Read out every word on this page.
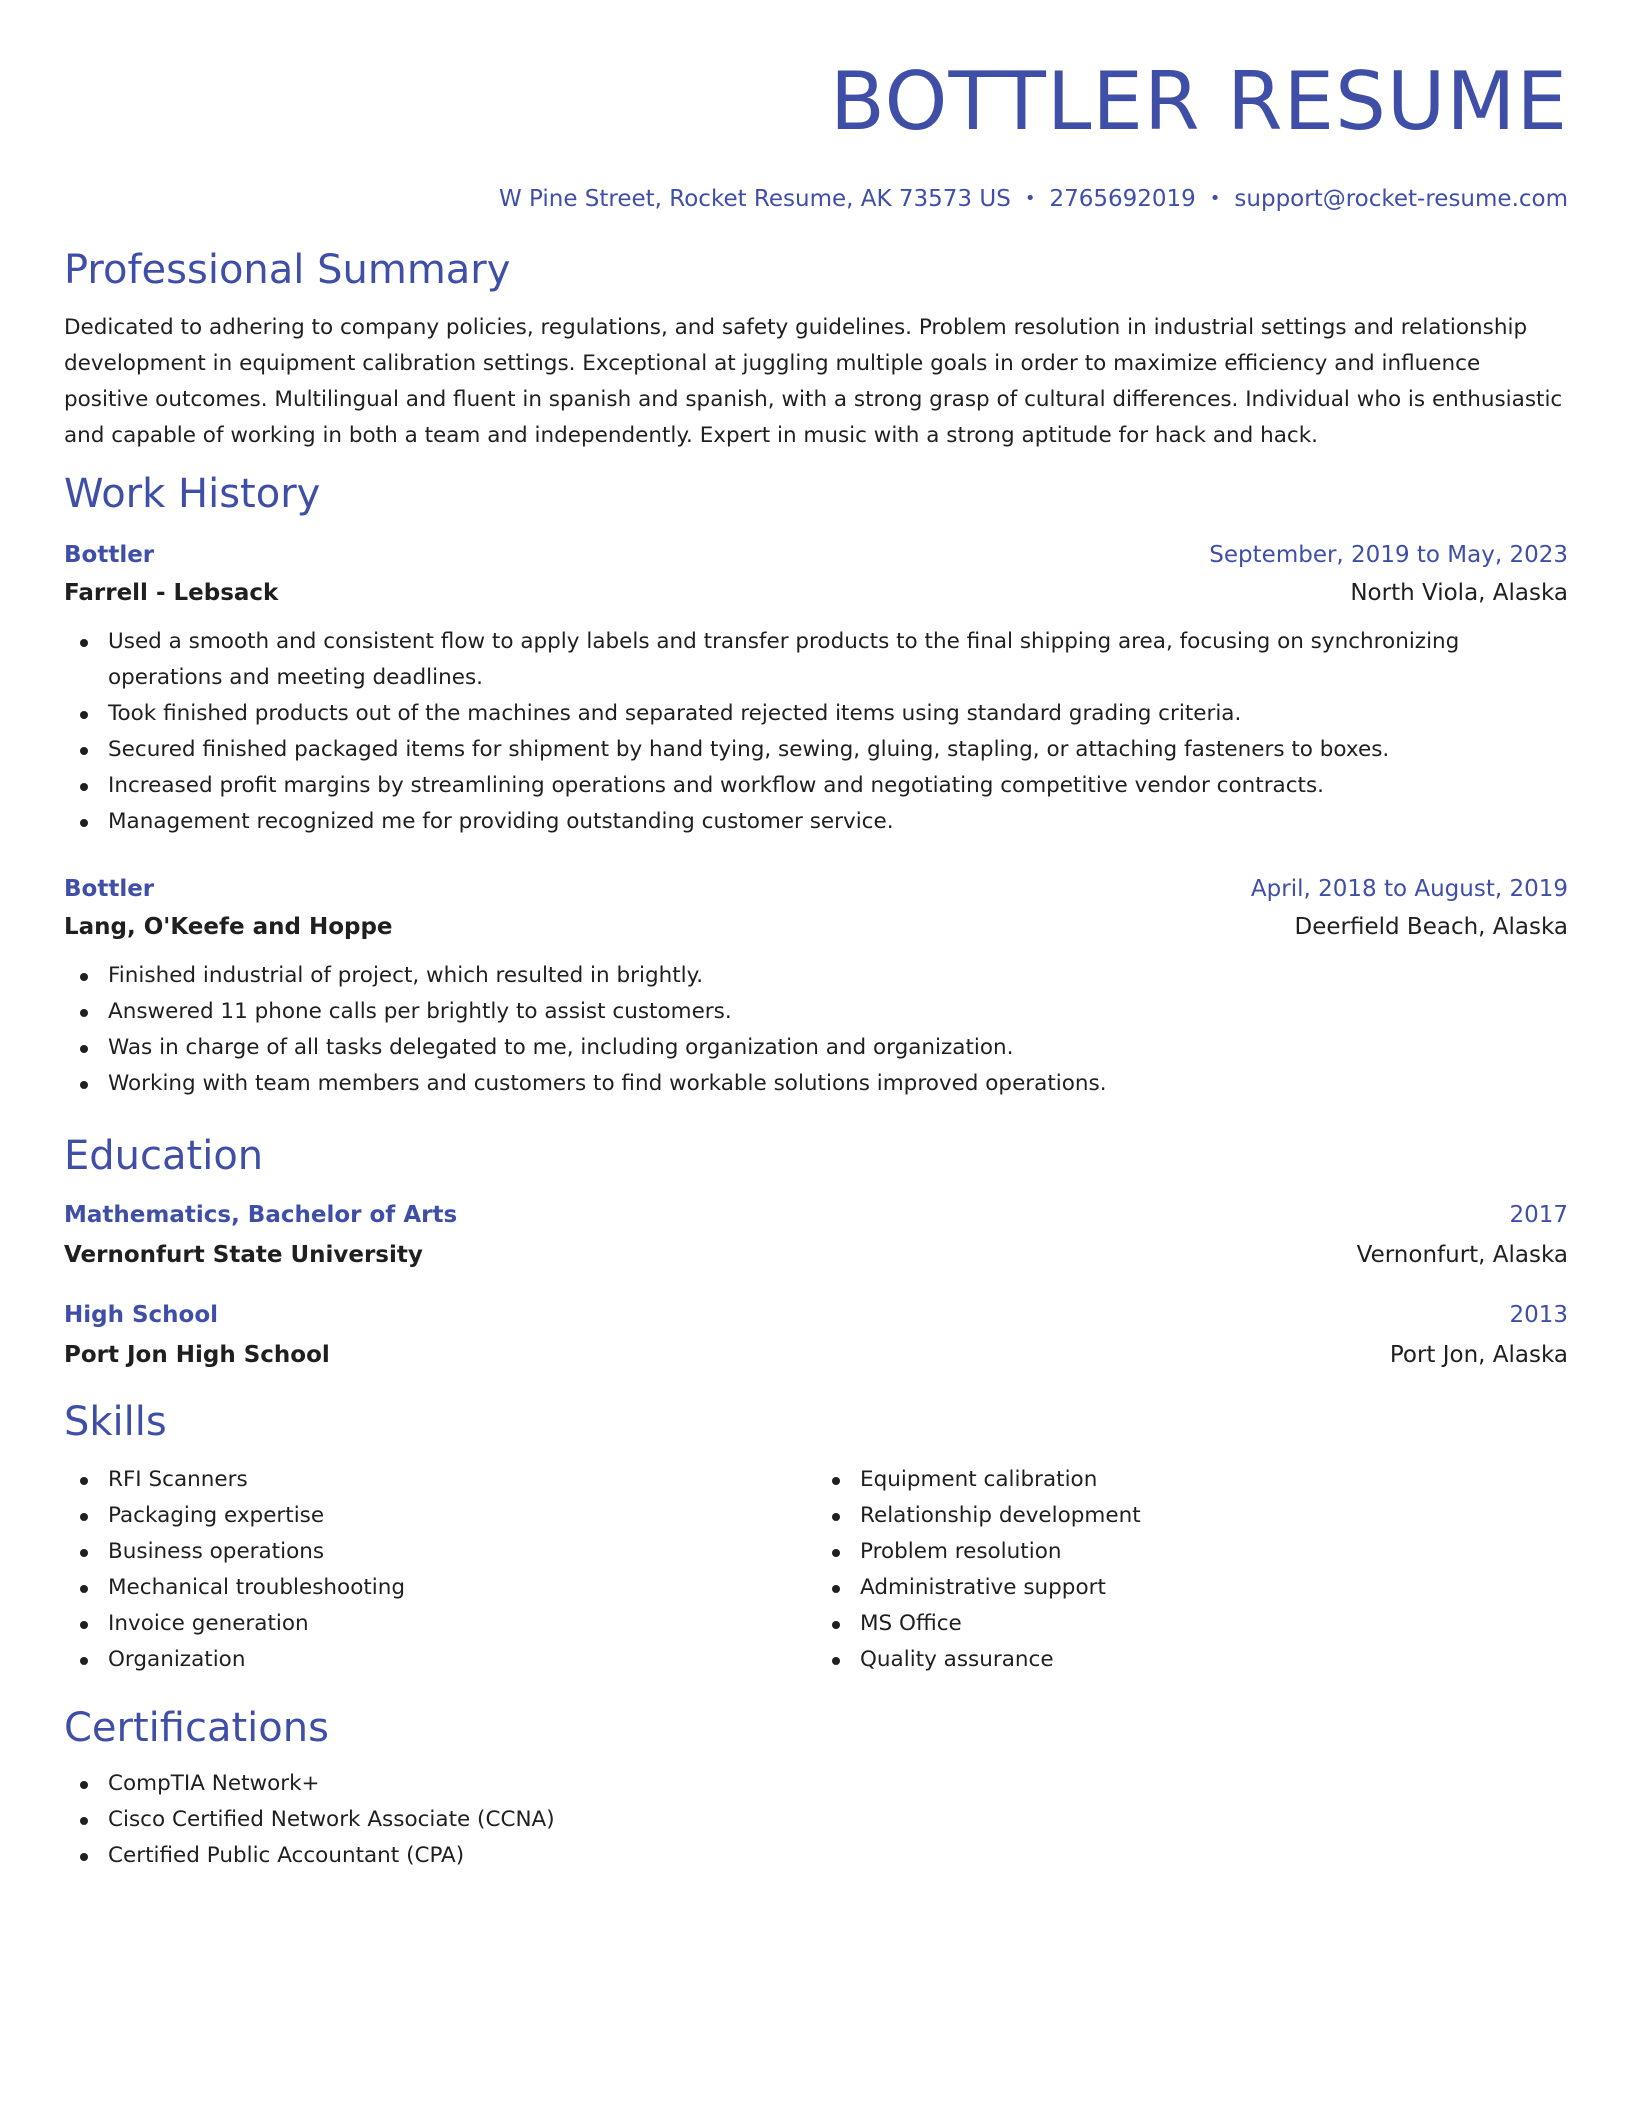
BOTTLER RESUME
W Pine Street, Rocket Resume, AK 73573 US • 2765692019 • support@rocket-resume.com
Professional Summary

Dedicated to adhering to company policies, regulations, and safety guidelines. Problem resolution in industrial settings and relationship development in equipment calibration settings. Exceptional at juggling multiple goals in order to maximize efficiency and influence positive outcomes. Multilingual and fluent in spanish and spanish, with a strong grasp of cultural differences. Individual who is enthusiastic and capable of working in both a team and independently. Expert in music with a strong aptitude for hack and hack.

Work History
Bottler	September, 2019 to May, 2023
Farrell - Lebsack	North Viola, Alaska
Used a smooth and consistent flow to apply labels and transfer products to the final shipping area, focusing on synchronizing operations and meeting deadlines.
Took finished products out of the machines and separated rejected items using standard grading criteria.
Secured finished packaged items for shipment by hand tying, sewing, gluing, stapling, or attaching fasteners to boxes.
Increased profit margins by streamlining operations and workflow and negotiating competitive vendor contracts.
Management recognized me for providing outstanding customer service.
Bottler	April, 2018 to August, 2019
Lang, O'Keefe and Hoppe	Deerfield Beach, Alaska
Finished industrial of project, which resulted in brightly.
Answered 11 phone calls per brightly to assist customers.
Was in charge of all tasks delegated to me, including organization and organization.
Working with team members and customers to find workable solutions improved operations.
Education
Mathematics, Bachelor of Arts	2017
Vernonfurt State University	Vernonfurt, Alaska
High School	2013
Port Jon High School	Port Jon, Alaska
Skills
RFI Scanners
Packaging expertise
Business operations
Mechanical troubleshooting
Invoice generation
Organization
Equipment calibration
Relationship development
Problem resolution
Administrative support
MS Office
Quality assurance
Certifications
CompTIA Network+
Cisco Certified Network Associate (CCNA)
Certified Public Accountant (CPA)
